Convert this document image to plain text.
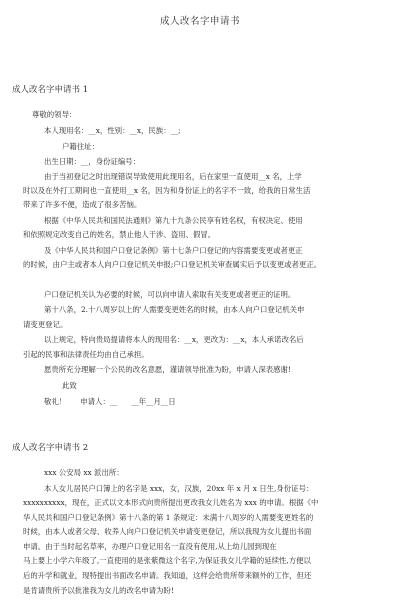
成人改名字申请书
成人改名字申请书 1
尊敬的领导：
本人现用名：__x，性别：__x，民族：__;
户籍住址：
出生日期：__，身份证编号：
由于当初登记之时出现错误导致使用此现用名，后在家里一直使用__x 名，上学
时以及在外打工期间也一直使用__x 名，因为和身份证上的名字不一致，给我的日常生活
带来了许多不便，造成了很多苦恼。
根据《中华人民共和国民法通则》第九十九条公民享有姓名权，有权决定、使用
和依照规定改变自己的姓名，禁止他人干涉、盗用、假冒。
及《中华人民共和国户口登记条例》第十七条户口登记的内容需要变更或者更正
的时候，由户主或者本人向户口登记机关申报;户口登记机关审查属实后予以变更或者更正。
户口登记机关认为必要的时候，可以向申请人索取有关变更或者更正的证明。
第十八条，2.十八周岁以上的'人需要变更姓名的时候，由本人向户口登记机关申
请变更登记。
以上规定，特向贵局提请将本人的现用名：__x，更改为：__x，本人承诺改名后
引起的民事和法律责任均由自己承担。
愿贵所充分理解一个公民的改名意愿，谨请领导批准为盼，申请人深表感谢!
此致
敬礼！      申请人：__      __年__月__日
成人改名字申请书 2
xxx 公安局 xx 派出所：
本人女儿居民户口簿上的名字是 xxx，女，汉族，20xx 年 x 月 x 日生,身份证号：
xxxxxxxxxx，现在，正式以文本形式向贵所提出更改我女儿姓名为 xxx 的申请。根据《中
华人民共和国户口登记条例》第十八条的第 1 条规定：未满十八周岁的人需要变更姓名的
时候，由本人或者父母、收养人向户口登记机关申请变更登记，所以我现为女儿提出书面
申请。由于当时起名草率，办理户口登记用名一直没有使用,从上幼儿园到现在
马上要上小学六年级了,一直使用的是张紫微这个名字,为保证我女儿学籍的延续性,方便以
后的升学和就业，现特提出书面改名申请。我知道，这样会给贵所带来额外的工作，但还
是肯请贵所予以批准我为女儿的改名申请为盼!
